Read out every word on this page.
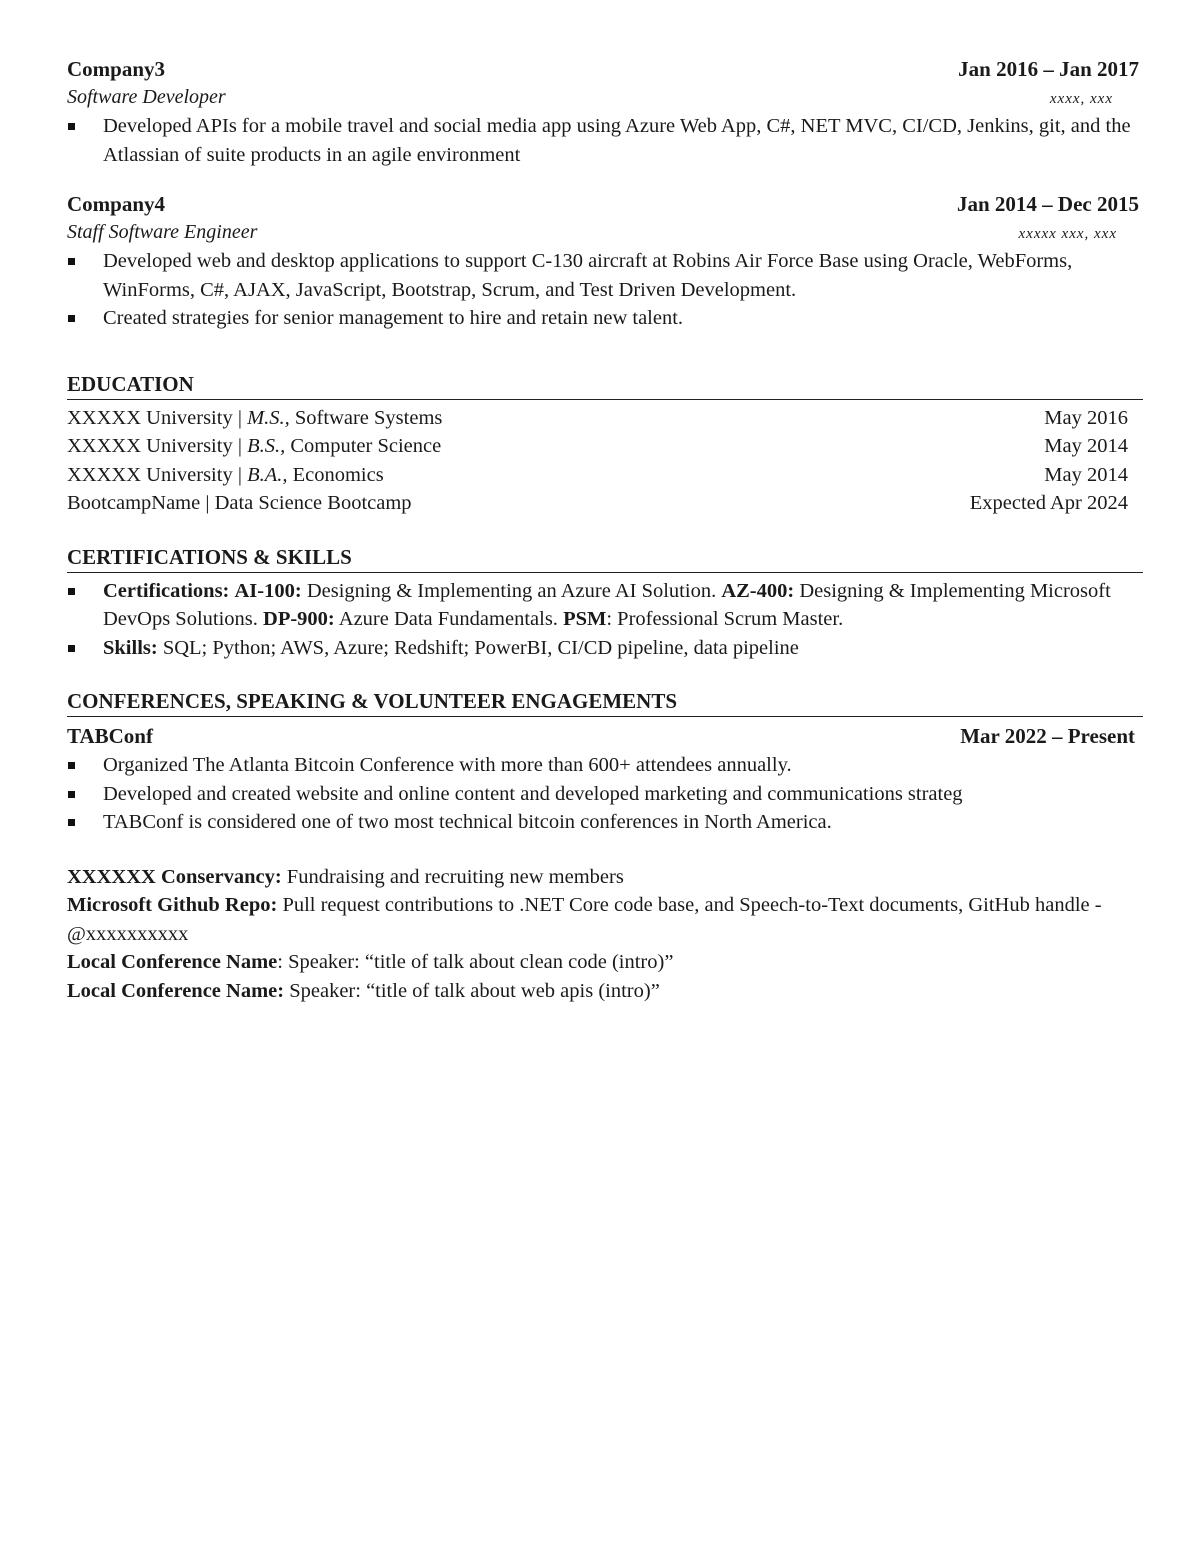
Company3	Jan 2016 – Jan 2017
Software Developer	xxxx, xxx
Developed APIs for a mobile travel and social media app using Azure Web App, C#, NET MVC, CI/CD, Jenkins, git, and the Atlassian of suite products in an agile environment
Company4	Jan 2014 – Dec 2015
Staff Software Engineer	xxxxx xxx, xxx
Developed web and desktop applications to support C-130 aircraft at Robins Air Force Base using Oracle, WebForms, WinForms, C#, AJAX, JavaScript, Bootstrap, Scrum, and Test Driven Development.
Created strategies for senior management to hire and retain new talent.
EDUCATION
XXXXX University | M.S., Software Systems	May 2016
XXXXX University | B.S., Computer Science	May 2014
XXXXX University | B.A., Economics	May 2014
BootcampName | Data Science Bootcamp	Expected Apr 2024
CERTIFICATIONS & SKILLS
Certifications: AI-100: Designing & Implementing an Azure AI Solution. AZ-400: Designing & Implementing Microsoft DevOps Solutions. DP-900: Azure Data Fundamentals. PSM: Professional Scrum Master.
Skills: SQL; Python; AWS, Azure; Redshift; PowerBI, CI/CD pipeline, data pipeline
CONFERENCES, SPEAKING & VOLUNTEER ENGAGEMENTS
TABConf	Mar 2022 – Present
Organized The Atlanta Bitcoin Conference with more than 600+ attendees annually.
Developed and created website and online content and developed marketing and communications strateg
TABConf is considered one of two most technical bitcoin conferences in North America.
XXXXXX Conservancy: Fundraising and recruiting new members
Microsoft Github Repo: Pull request contributions to .NET Core code base, and Speech-to-Text documents, GitHub handle - @xxxxxxxxxx
Local Conference Name: Speaker: “title of talk about clean code (intro)”
Local Conference Name: Speaker: “title of talk about web apis (intro)”
